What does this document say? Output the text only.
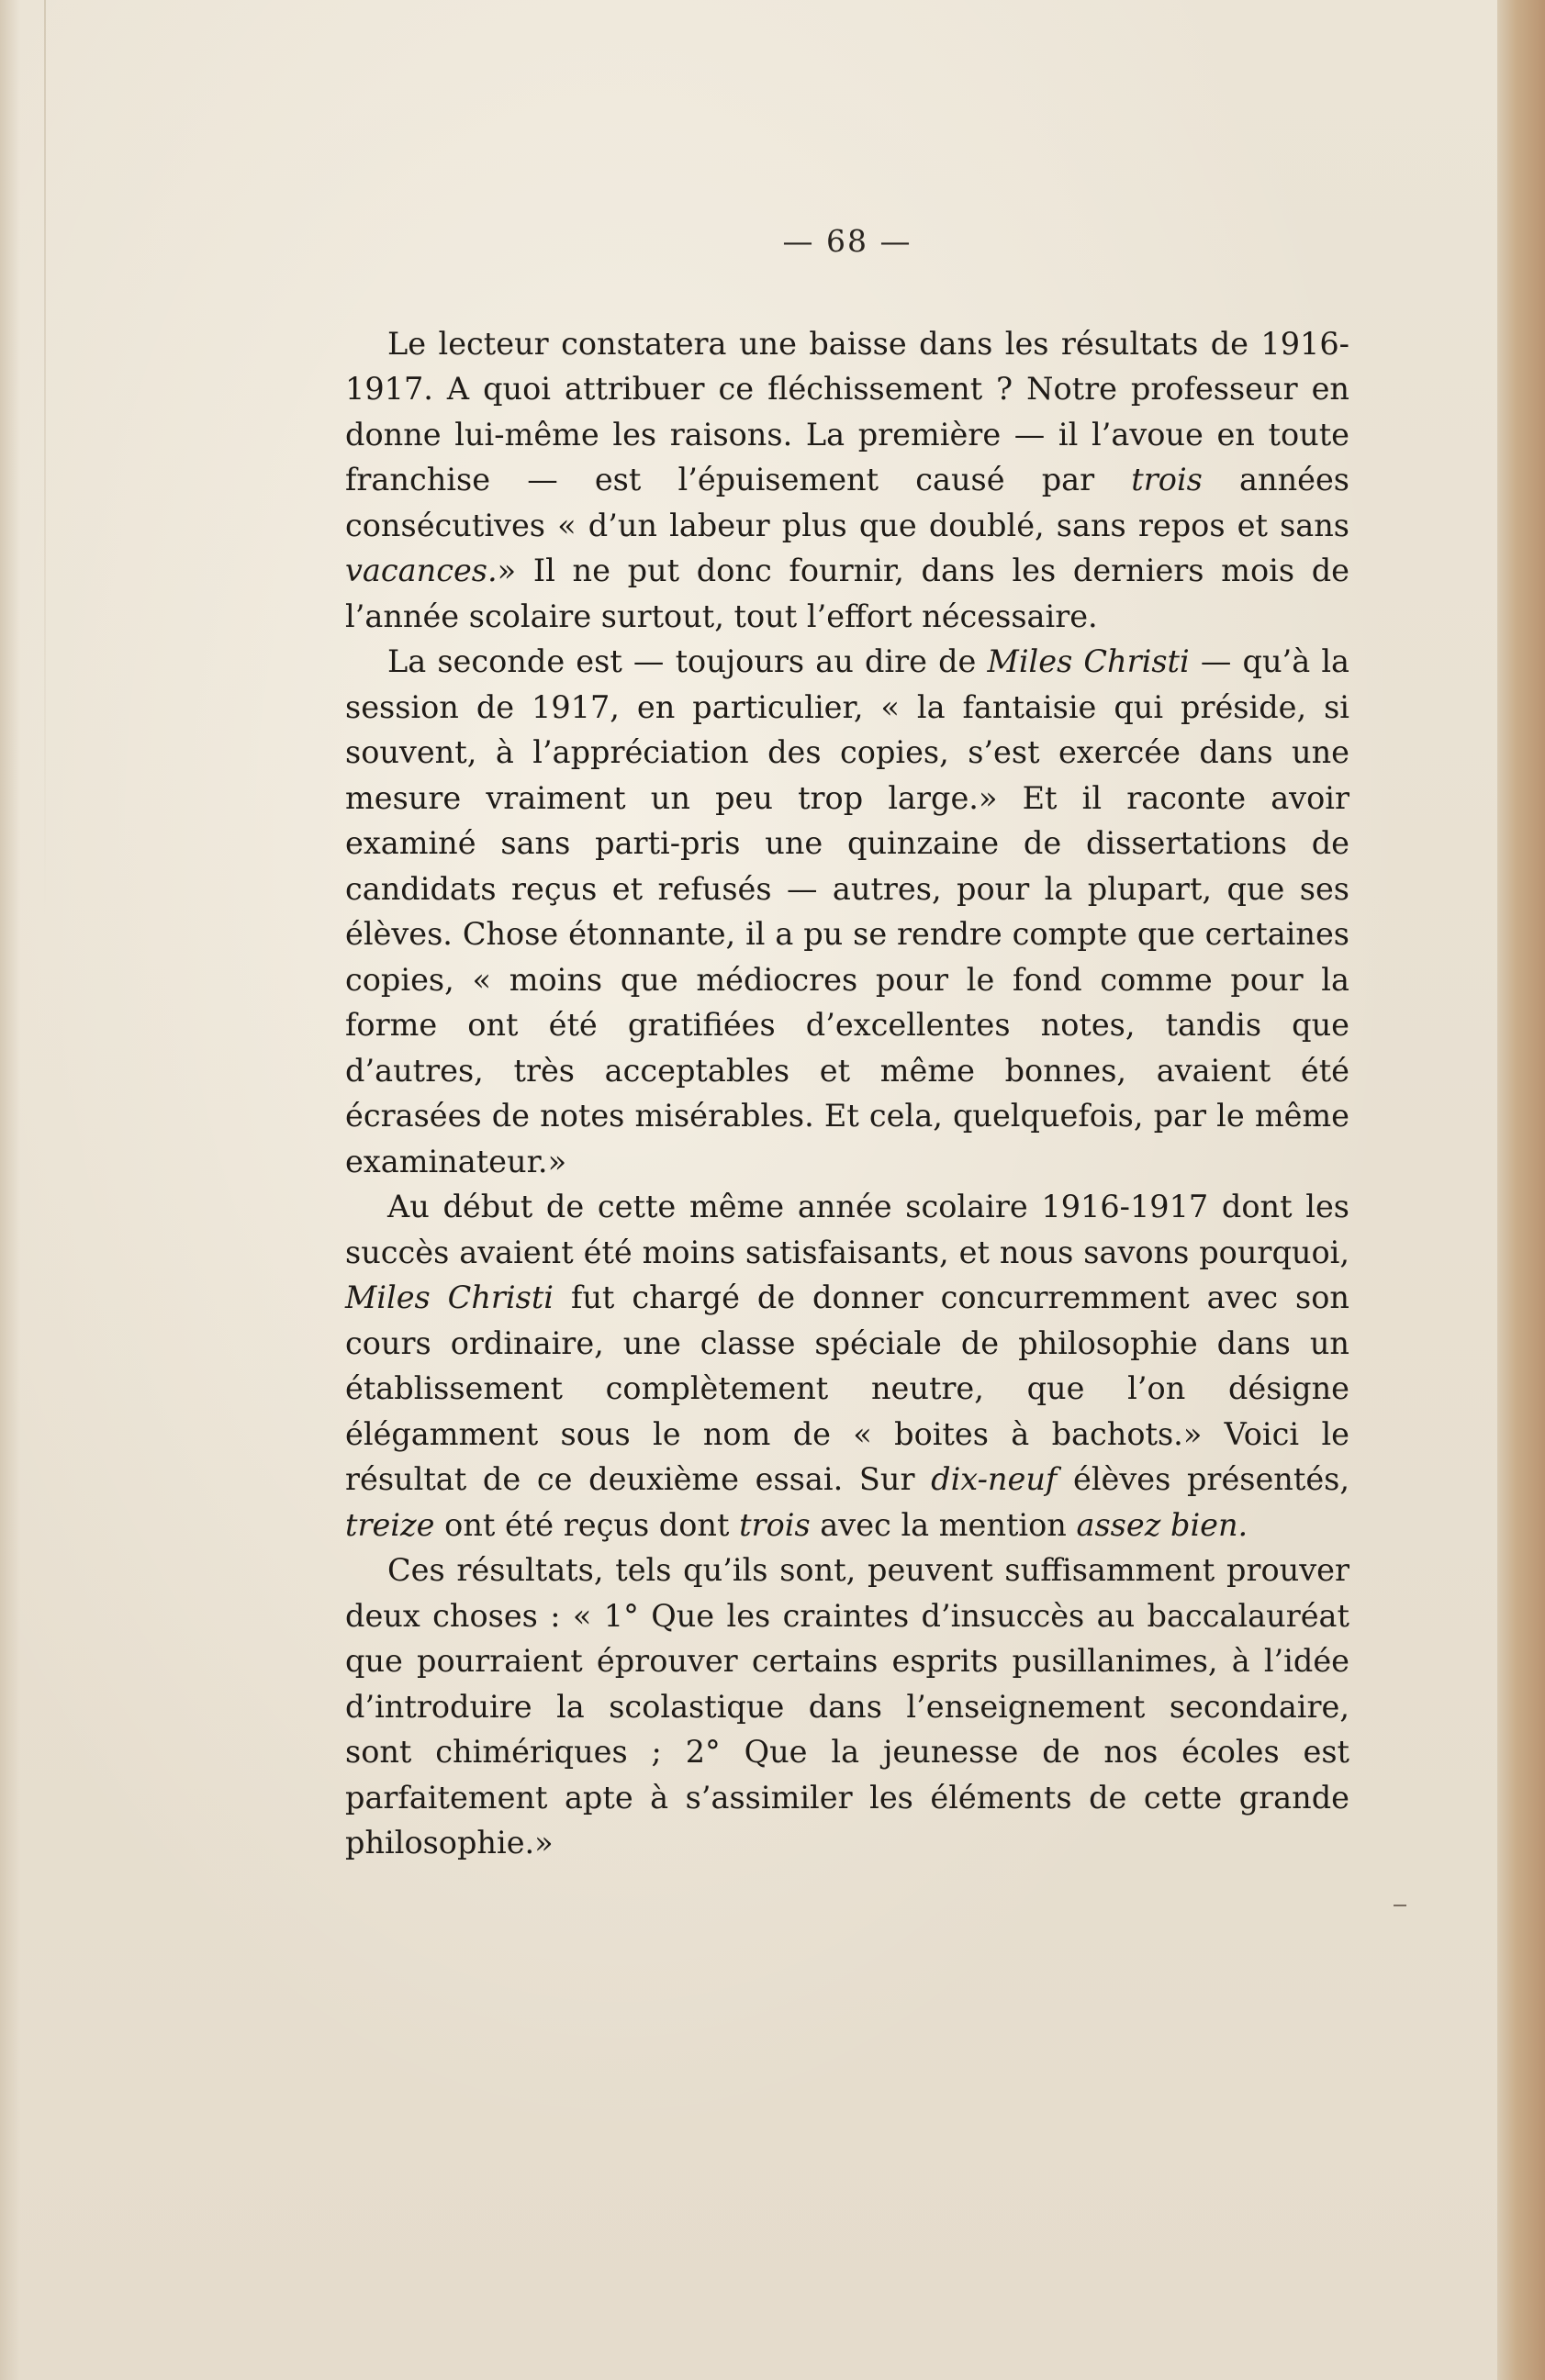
— 68 —

Le lecteur constatera une baisse dans les résultats de 1916-1917. A quoi attribuer ce fléchissement ? Notre professeur en donne lui-même les raisons. La première — il l’avoue en toute franchise — est l’épuisement causé par trois années consécutives « d’un labeur plus que doublé, sans repos et sans vacances.» Il ne put donc fournir, dans les derniers mois de l’année scolaire surtout, tout l’effort nécessaire.

La seconde est — toujours au dire de Miles Christi — qu’à la session de 1917, en particulier, « la fantaisie qui préside, si souvent, à l’appréciation des copies, s’est exercée dans une mesure vraiment un peu trop large.» Et il raconte avoir examiné sans parti-pris une quinzaine de dissertations de candidats reçus et refusés — autres, pour la plupart, que ses élèves. Chose étonnante, il a pu se rendre compte que certaines copies, « moins que médiocres pour le fond comme pour la forme ont été gratifiées d’excellentes notes, tandis que d’autres, très acceptables et même bonnes, avaient été écrasées de notes misérables. Et cela, quelquefois, par le même examinateur.»

Au début de cette même année scolaire 1916-1917 dont les succès avaient été moins satisfaisants, et nous savons pourquoi, Miles Christi fut chargé de donner concurremment avec son cours ordinaire, une classe spéciale de philosophie dans un établissement complètement neutre, que l’on désigne élégamment sous le nom de « boites à bachots.» Voici le résultat de ce deuxième essai. Sur dix-neuf élèves présentés, treize ont été reçus dont trois avec la mention assez bien.

Ces résultats, tels qu’ils sont, peuvent suffisamment prouver deux choses : « 1° Que les craintes d’insuccès au baccalauréat que pourraient éprouver certains esprits pusillanimes, à l’idée d’introduire la scolastique dans l’enseignement secondaire, sont chimériques ; 2° Que la jeunesse de nos écoles est parfaitement apte à s’assimiler les éléments de cette grande philosophie.»
